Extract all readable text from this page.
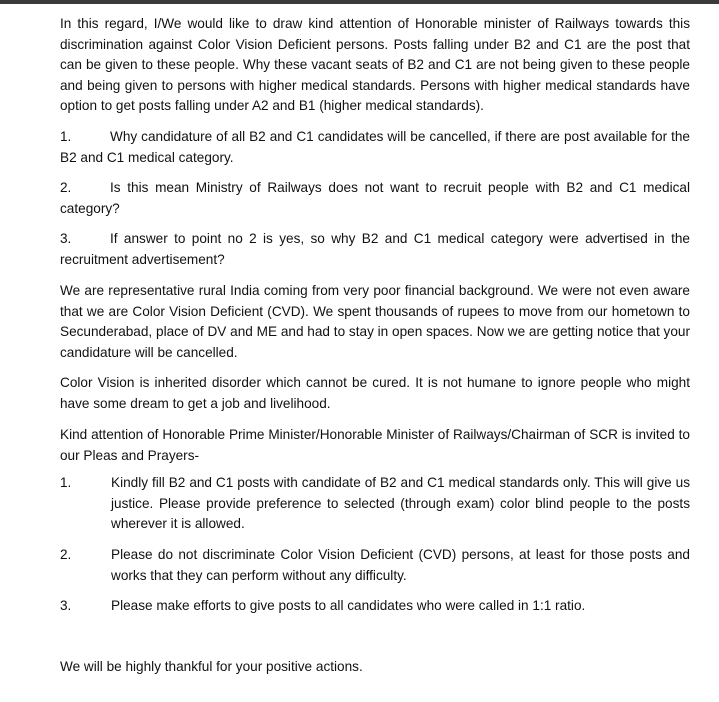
In this regard, I/We would like to draw kind attention of Honorable minister of Railways towards this discrimination against Color Vision Deficient persons. Posts falling under B2 and C1 are the post that can be given to these people. Why these vacant seats of B2 and C1 are not being given to these people and being given to persons with higher medical standards. Persons with higher medical standards have option to get posts falling under A2 and B1 (higher medical standards).

1.	Why candidature of all B2 and C1 candidates will be cancelled, if there are post available for the B2 and C1 medical category.

2.	Is this mean Ministry of Railways does not want to recruit people with B2 and C1 medical category?

3.	If answer to point no 2 is yes, so why B2 and C1 medical category were advertised in the recruitment advertisement?

We are representative rural India coming from very poor financial background. We were not even aware that we are Color Vision Deficient (CVD). We spent thousands of rupees to move from our hometown to Secunderabad, place of DV and ME and had to stay in open spaces. Now we are getting notice that your candidature will be cancelled.

Color Vision is inherited disorder which cannot be cured. It is not humane to ignore people who might have some dream to get a job and livelihood.

Kind attention of Honorable Prime Minister/Honorable Minister of Railways/Chairman of SCR is invited to our Pleas and Prayers-

1.	Kindly fill B2 and C1 posts with candidate of B2 and C1 medical standards only. This will give us justice. Please provide preference to selected (through exam) color blind people to the posts wherever it is allowed.
2.	Please do not discriminate Color Vision Deficient (CVD) persons, at least for those posts and works that they can perform without any difficulty.
3.	Please make efforts to give posts to all candidates who were called in 1:1 ratio.

We will be highly thankful for your positive actions.
